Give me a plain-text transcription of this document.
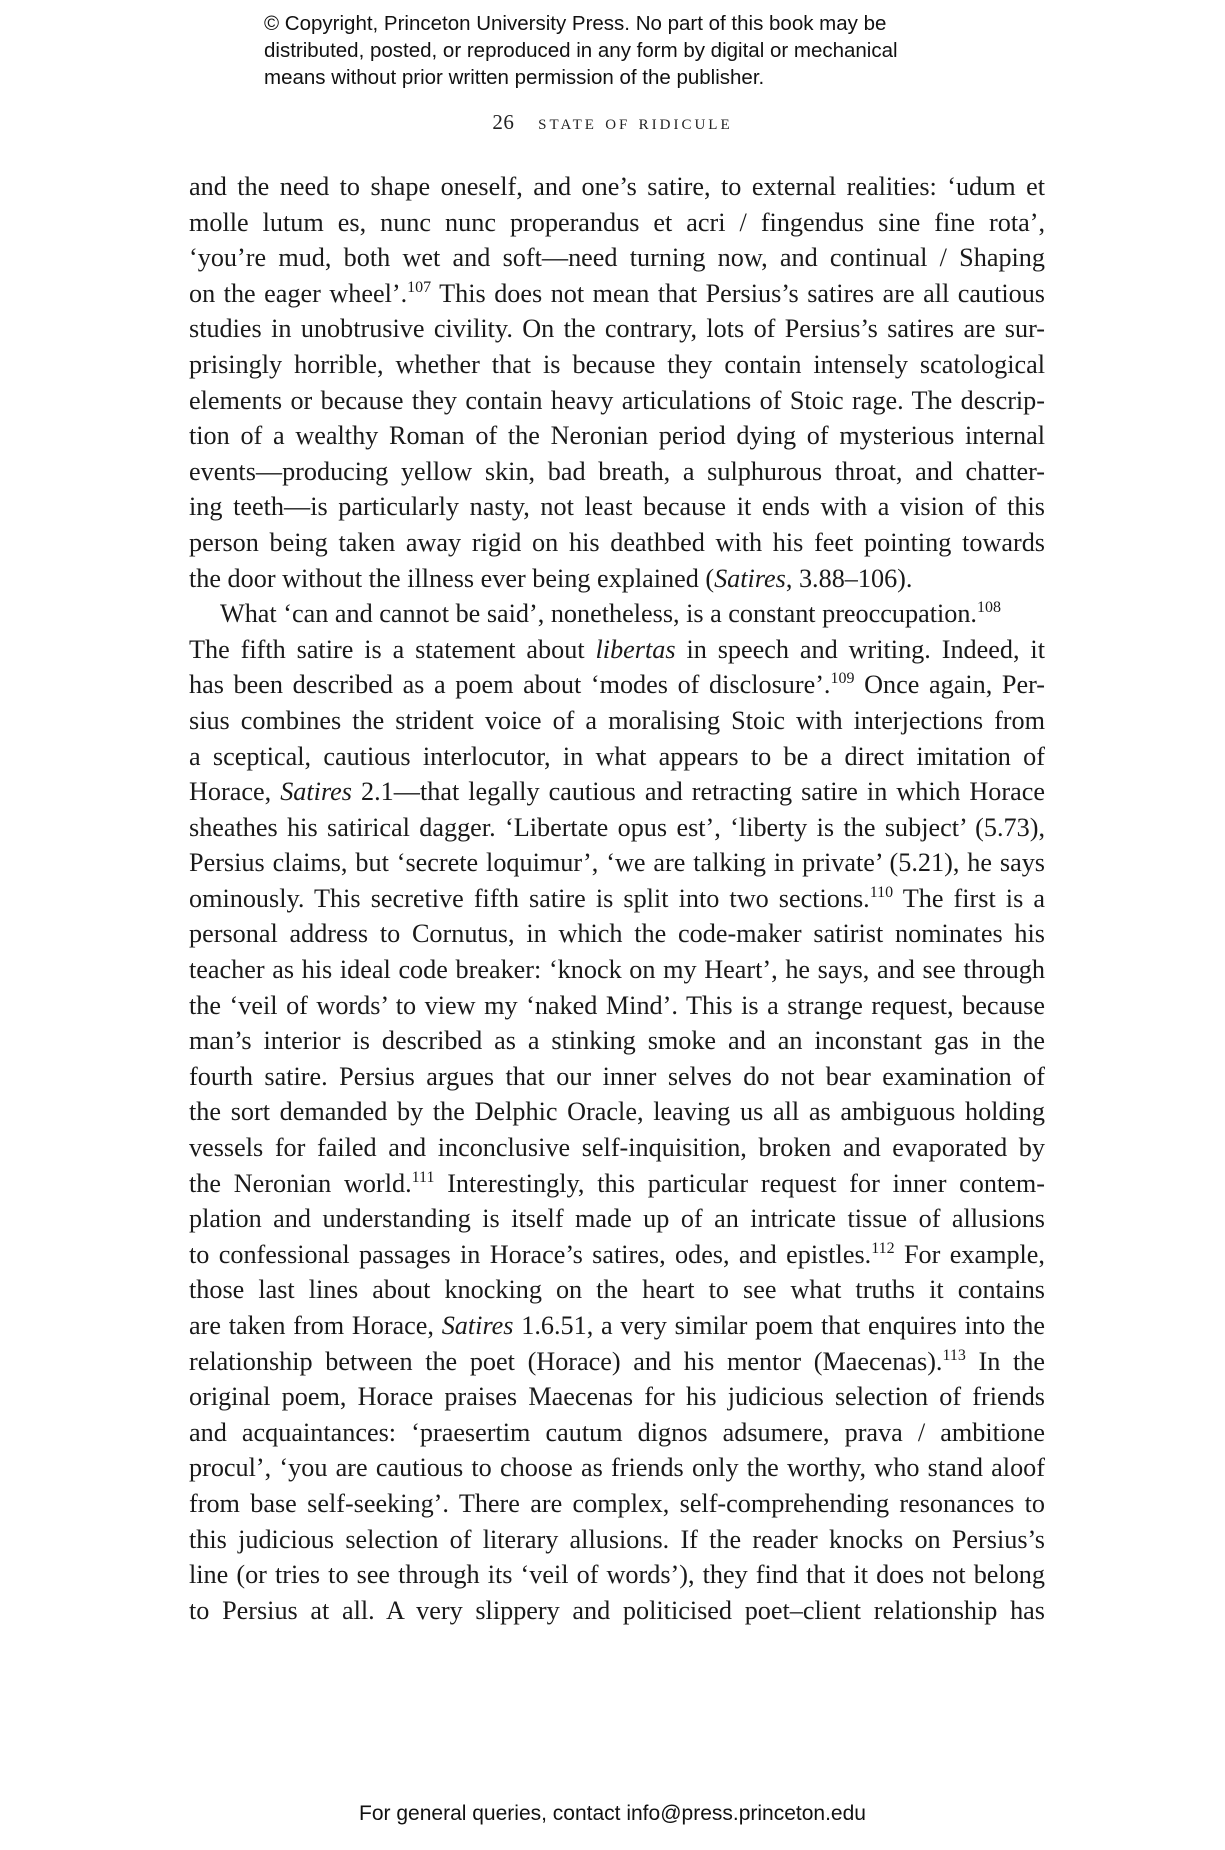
© Copyright, Princeton University Press. No part of this book may be
distributed, posted, or reproduced in any form by digital or mechanical
means without prior written permission of the publisher.
26 state of ridicule
and the need to shape oneself, and one’s satire, to external realities: ‘udum et
molle lutum es, nunc nunc properandus et acri / fingendus sine fine rota’,
‘you’re mud, both wet and soft—need turning now, and continual / Shaping
on the eager wheel’.$^{107}$ This does not mean that Persius’s satires are all cautious
studies in unobtrusive civility. On the contrary, lots of Persius’s satires are sur-
prisingly horrible, whether that is because they contain intensely scatological
elements or because they contain heavy articulations of Stoic rage. The descrip-
tion of a wealthy Roman of the Neronian period dying of mysterious internal
events—producing yellow skin, bad breath, a sulphurous throat, and chatter-
ing teeth—is particularly nasty, not least because it ends with a vision of this
person being taken away rigid on his deathbed with his feet pointing towards
the door without the illness ever being explained (Satires, 3.88–106).
What ‘can and cannot be said’, nonetheless, is a constant preoccupation.$^{108}$
The fifth satire is a statement about libertas in speech and writing. Indeed, it
has been described as a poem about ‘modes of disclosure’.$^{109}$ Once again, Per-
sius combines the strident voice of a moralising Stoic with interjections from
a sceptical, cautious interlocutor, in what appears to be a direct imitation of
Horace, Satires 2.1—that legally cautious and retracting satire in which Horace
sheathes his satirical dagger. ‘Libertate opus est’, ‘liberty is the subject’ (5.73),
Persius claims, but ‘secrete loquimur’, ‘we are talking in private’ (5.21), he says
ominously. This secretive fifth satire is split into two sections.$^{110}$ The first is a
personal address to Cornutus, in which the code-maker satirist nominates his
teacher as his ideal code breaker: ‘knock on my Heart’, he says, and see through
the ‘veil of words’ to view my ‘naked Mind’. This is a strange request, because
man’s interior is described as a stinking smoke and an inconstant gas in the
fourth satire. Persius argues that our inner selves do not bear examination of
the sort demanded by the Delphic Oracle, leaving us all as ambiguous holding
vessels for failed and inconclusive self-inquisition, broken and evaporated by
the Neronian world.$^{111}$ Interestingly, this particular request for inner contem-
plation and understanding is itself made up of an intricate tissue of allusions
to confessional passages in Horace’s satires, odes, and epistles.$^{112}$ For example,
those last lines about knocking on the heart to see what truths it contains
are taken from Horace, Satires 1.6.51, a very similar poem that enquires into the
relationship between the poet (Horace) and his mentor (Maecenas).$^{113}$ In the
original poem, Horace praises Maecenas for his judicious selection of friends
and acquaintances: ‘praesertim cautum dignos adsumere, prava / ambitione
procul’, ‘you are cautious to choose as friends only the worthy, who stand aloof
from base self-seeking’. There are complex, self-comprehending resonances to
this judicious selection of literary allusions. If the reader knocks on Persius’s
line (or tries to see through its ‘veil of words’), they find that it does not belong
to Persius at all. A very slippery and politicised poet–client relationship has
For general queries, contact info@press.princeton.edu
